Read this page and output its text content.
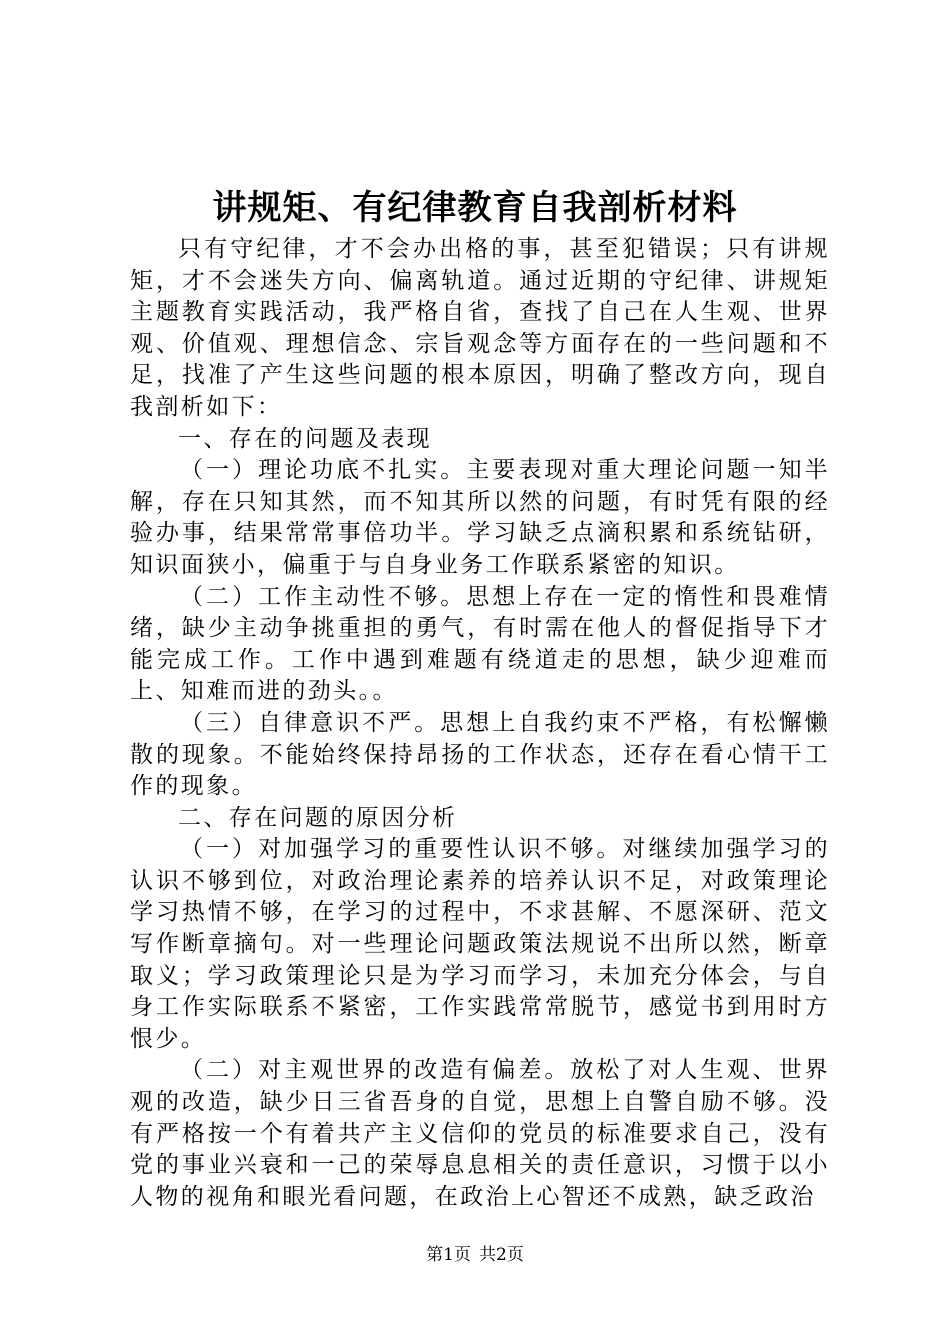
讲规矩、有纪律教育自我剖析材料

只有守纪律，才不会办出格的事，甚至犯错误；只有讲规矩，才不会迷失方向、偏离轨道。通过近期的守纪律、讲规矩主题教育实践活动，我严格自省，查找了自己在人生观、世界观、价值观、理想信念、宗旨观念等方面存在的一些问题和不足，找准了产生这些问题的根本原因，明确了整改方向，现自我剖析如下：

一、存在的问题及表现

（一）理论功底不扎实。主要表现对重大理论问题一知半解，存在只知其然，而不知其所以然的问题，有时凭有限的经验办事，结果常常事倍功半。学习缺乏点滴积累和系统钻研，知识面狭小，偏重于与自身业务工作联系紧密的知识。

（二）工作主动性不够。思想上存在一定的惰性和畏难情绪，缺少主动争挑重担的勇气，有时需在他人的督促指导下才能完成工作。工作中遇到难题有绕道走的思想，缺少迎难而上、知难而进的劲头。。

（三）自律意识不严。思想上自我约束不严格，有松懈懒散的现象。不能始终保持昂扬的工作状态，还存在看心情干工作的现象。

二、存在问题的原因分析

（一）对加强学习的重要性认识不够。对继续加强学习的认识不够到位，对政治理论素养的培养认识不足，对政策理论学习热情不够，在学习的过程中，不求甚解、不愿深研、范文写作断章摘句。对一些理论问题政策法规说不出所以然，断章取义；学习政策理论只是为学习而学习，未加充分体会，与自身工作实际联系不紧密，工作实践常常脱节，感觉书到用时方恨少。

（二）对主观世界的改造有偏差。放松了对人生观、世界观的改造，缺少日三省吾身的自觉，思想上自警自励不够。没有严格按一个有着共产主义信仰的党员的标准要求自己，没有党的事业兴衰和一己的荣辱息息相关的责任意识，习惯于以小人物的视角和眼光看问题，在政治上心智还不成熟，缺乏政治

第1页 共2页
